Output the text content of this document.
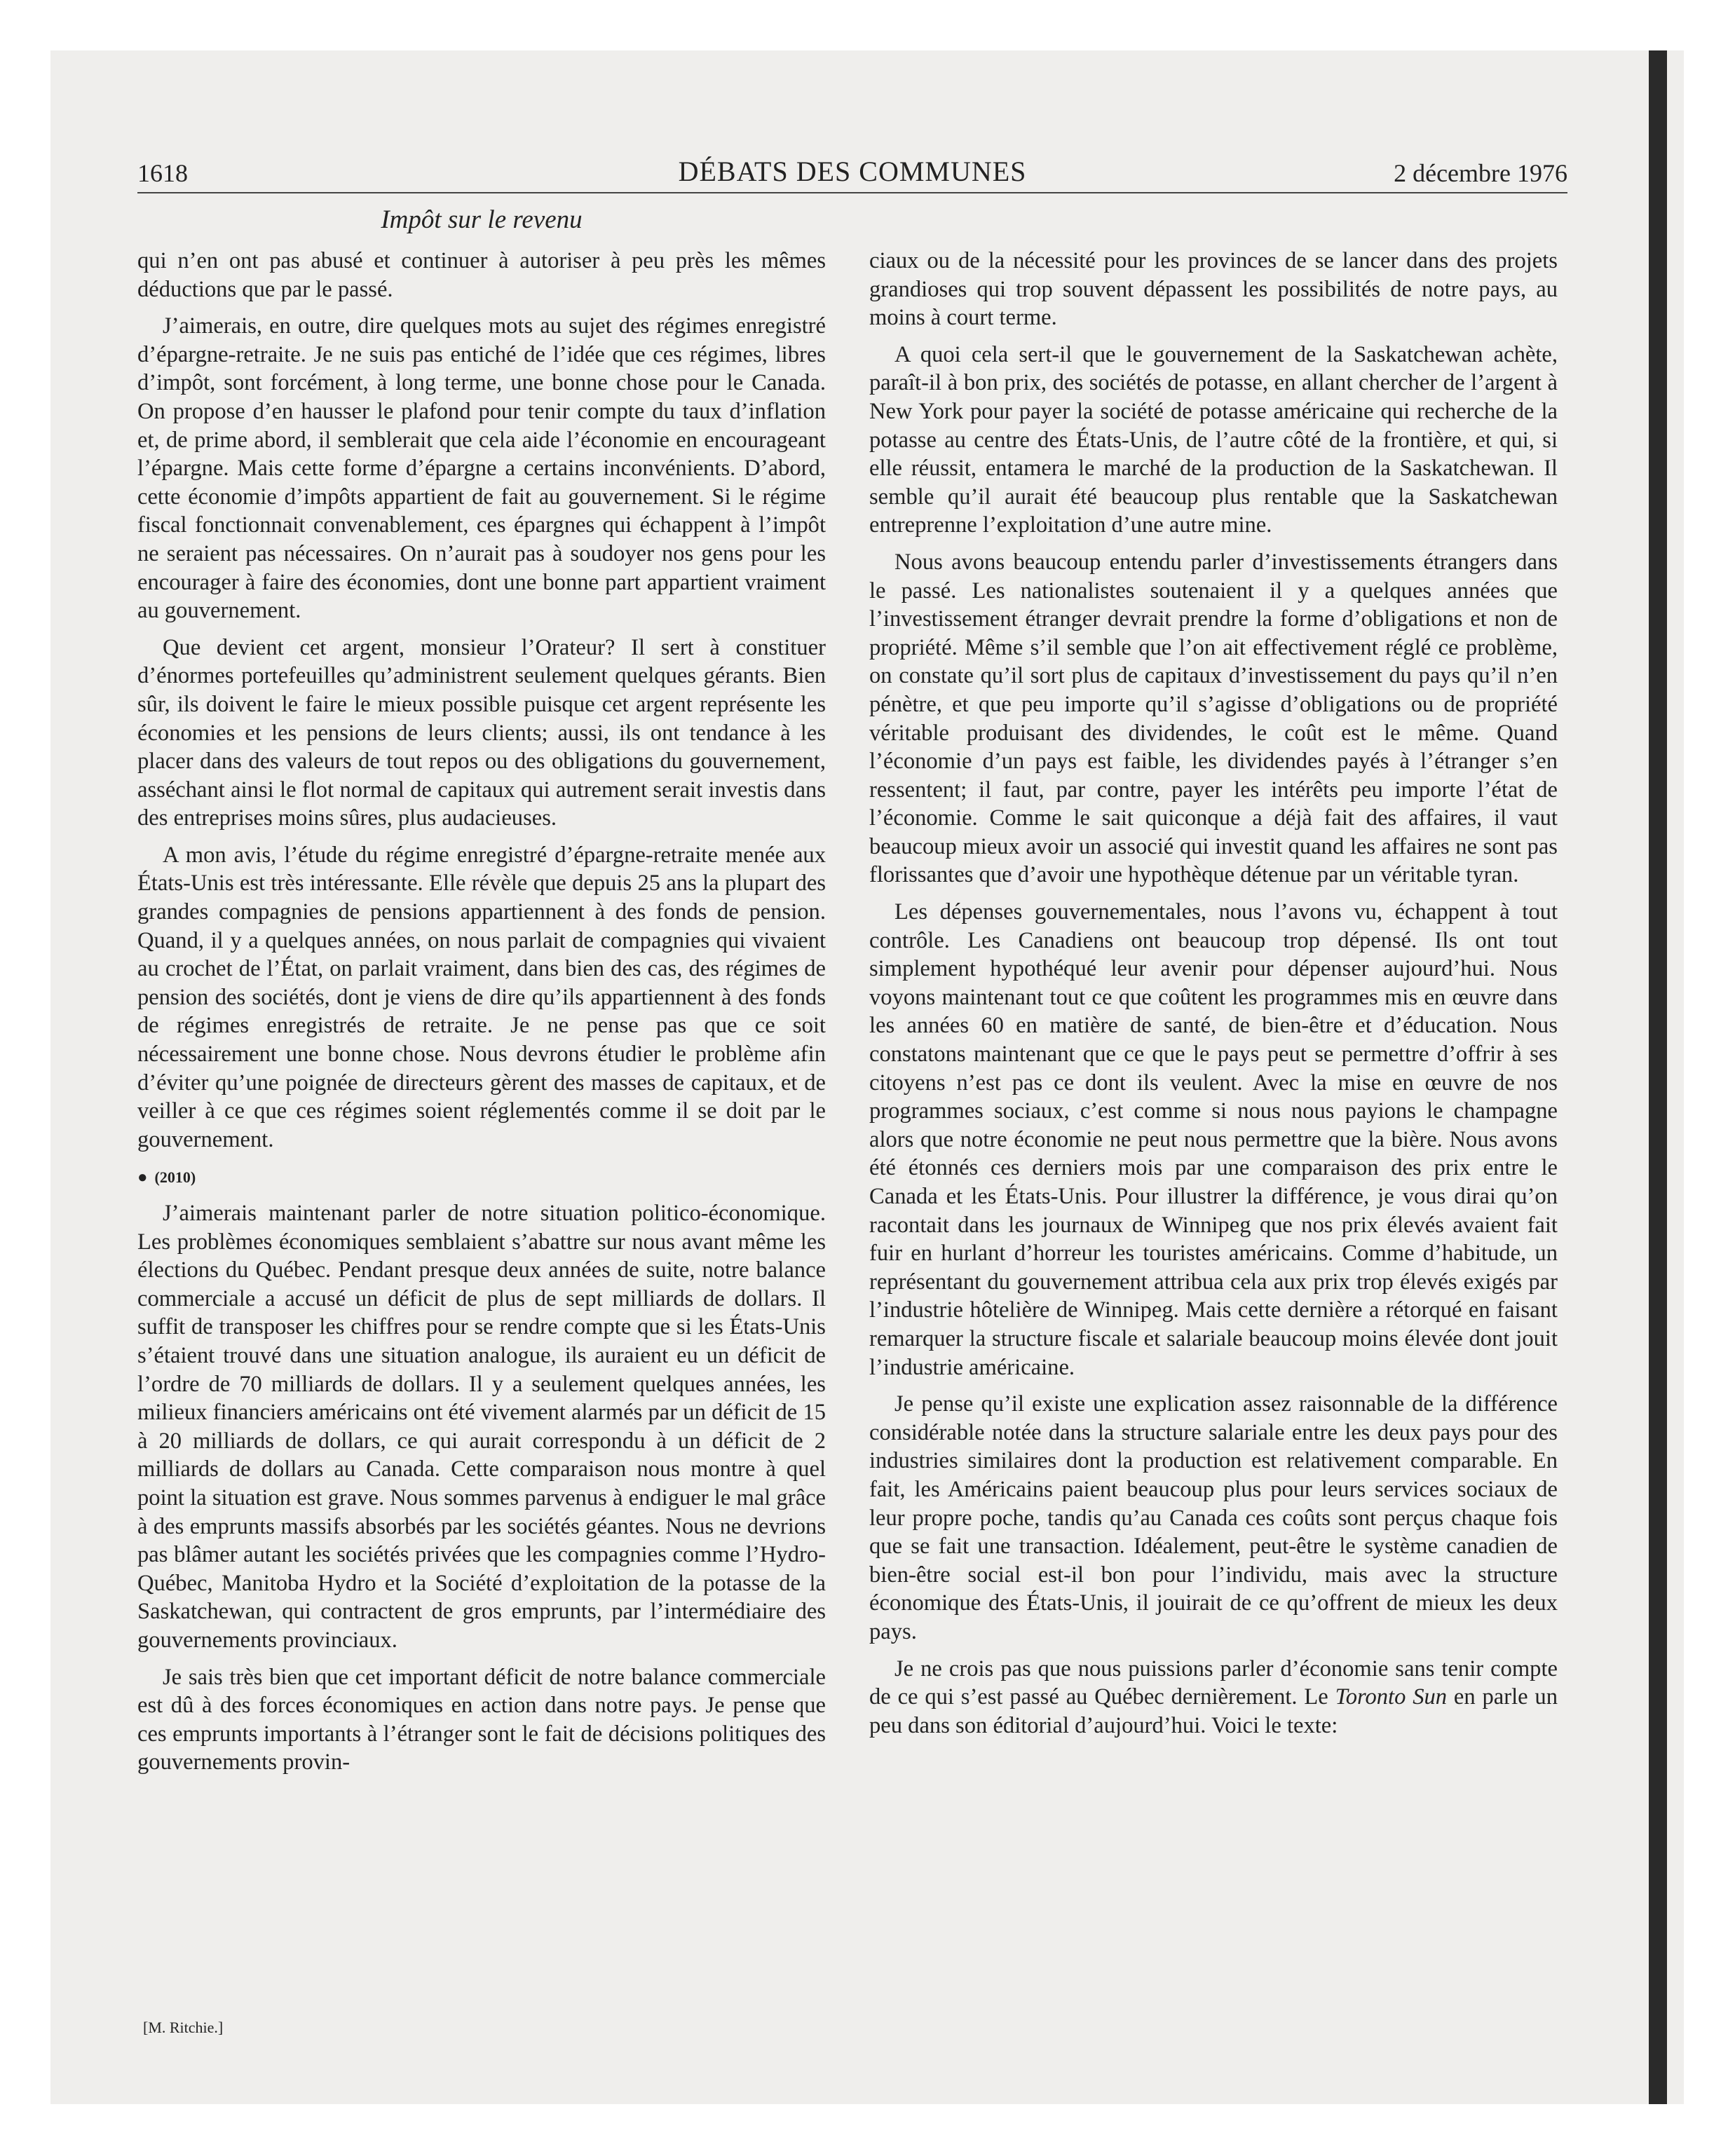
1618	DÉBATS DES COMMUNES	2 décembre 1976
Impôt sur le revenu

qui n’en ont pas abusé et continuer à autoriser à peu près les mêmes déductions que par le passé.

J’aimerais, en outre, dire quelques mots au sujet des régimes enregistré d’épargne-retraite. Je ne suis pas entiché de l’idée que ces régimes, libres d’impôt, sont forcément, à long terme, une bonne chose pour le Canada. On propose d’en hausser le plafond pour tenir compte du taux d’inflation et, de prime abord, il semblerait que cela aide l’économie en encourageant l’épargne. Mais cette forme d’épargne a certains inconvénients. D’abord, cette économie d’impôts appartient de fait au gouvernement. Si le régime fiscal fonctionnait convenablement, ces épargnes qui échappent à l’impôt ne seraient pas nécessaires. On n’aurait pas à soudoyer nos gens pour les encourager à faire des économies, dont une bonne part appartient vraiment au gouvernement.

Que devient cet argent, monsieur l’Orateur? Il sert à constituer d’énormes portefeuilles qu’administrent seulement quelques gérants. Bien sûr, ils doivent le faire le mieux possible puisque cet argent représente les économies et les pensions de leurs clients; aussi, ils ont tendance à les placer dans des valeurs de tout repos ou des obligations du gouvernement, asséchant ainsi le flot normal de capitaux qui autrement serait investis dans des entreprises moins sûres, plus audacieuses.

A mon avis, l’étude du régime enregistré d’épargne-retraite menée aux États-Unis est très intéressante. Elle révèle que depuis 25 ans la plupart des grandes compagnies de pensions appartiennent à des fonds de pension. Quand, il y a quelques années, on nous parlait de compagnies qui vivaient au crochet de l’État, on parlait vraiment, dans bien des cas, des régimes de pension des sociétés, dont je viens de dire qu’ils appartiennent à des fonds de régimes enregistrés de retraite. Je ne pense pas que ce soit nécessairement une bonne chose. Nous devrons étudier le problème afin d’éviter qu’une poignée de directeurs gèrent des masses de capitaux, et de veiller à ce que ces régimes soient réglementés comme il se doit par le gouvernement.

● (2010)

J’aimerais maintenant parler de notre situation politico-économique. Les problèmes économiques semblaient s’abattre sur nous avant même les élections du Québec. Pendant presque deux années de suite, notre balance commerciale a accusé un déficit de plus de sept milliards de dollars. Il suffit de transposer les chiffres pour se rendre compte que si les États-Unis s’étaient trouvé dans une situation analogue, ils auraient eu un déficit de l’ordre de 70 milliards de dollars. Il y a seulement quelques années, les milieux financiers américains ont été vivement alarmés par un déficit de 15 à 20 milliards de dollars, ce qui aurait correspondu à un déficit de 2 milliards de dollars au Canada. Cette comparaison nous montre à quel point la situation est grave. Nous sommes parvenus à endiguer le mal grâce à des emprunts massifs absorbés par les sociétés géantes. Nous ne devrions pas blâmer autant les sociétés privées que les compagnies comme l’Hydro-Québec, Manitoba Hydro et la Société d’exploitation de la potasse de la Saskatchewan, qui contractent de gros emprunts, par l’intermédiaire des gouvernements provinciaux.

Je sais très bien que cet important déficit de notre balance commerciale est dû à des forces économiques en action dans notre pays. Je pense que ces emprunts importants à l’étranger sont le fait de décisions politiques des gouvernements provin-

[M. Ritchie.]

ciaux ou de la nécessité pour les provinces de se lancer dans des projets grandioses qui trop souvent dépassent les possibilités de notre pays, au moins à court terme.

A quoi cela sert-il que le gouvernement de la Saskatchewan achète, paraît-il à bon prix, des sociétés de potasse, en allant chercher de l’argent à New York pour payer la société de potasse américaine qui recherche de la potasse au centre des États-Unis, de l’autre côté de la frontière, et qui, si elle réussit, entamera le marché de la production de la Saskatchewan. Il semble qu’il aurait été beaucoup plus rentable que la Saskatchewan entreprenne l’exploitation d’une autre mine.

Nous avons beaucoup entendu parler d’investissements étrangers dans le passé. Les nationalistes soutenaient il y a quelques années que l’investissement étranger devrait prendre la forme d’obligations et non de propriété. Même s’il semble que l’on ait effectivement réglé ce problème, on constate qu’il sort plus de capitaux d’investissement du pays qu’il n’en pénètre, et que peu importe qu’il s’agisse d’obligations ou de propriété véritable produisant des dividendes, le coût est le même. Quand l’économie d’un pays est faible, les dividendes payés à l’étranger s’en ressentent; il faut, par contre, payer les intérêts peu importe l’état de l’économie. Comme le sait quiconque a déjà fait des affaires, il vaut beaucoup mieux avoir un associé qui investit quand les affaires ne sont pas florissantes que d’avoir une hypothèque détenue par un véritable tyran.

Les dépenses gouvernementales, nous l’avons vu, échappent à tout contrôle. Les Canadiens ont beaucoup trop dépensé. Ils ont tout simplement hypothéqué leur avenir pour dépenser aujourd’hui. Nous voyons maintenant tout ce que coûtent les programmes mis en œuvre dans les années 60 en matière de santé, de bien-être et d’éducation. Nous constatons maintenant que ce que le pays peut se permettre d’offrir à ses citoyens n’est pas ce dont ils veulent. Avec la mise en œuvre de nos programmes sociaux, c’est comme si nous nous payions le champagne alors que notre économie ne peut nous permettre que la bière. Nous avons été étonnés ces derniers mois par une comparaison des prix entre le Canada et les États-Unis. Pour illustrer la différence, je vous dirai qu’on racontait dans les journaux de Winnipeg que nos prix élevés avaient fait fuir en hurlant d’horreur les touristes américains. Comme d’habitude, un représentant du gouvernement attribua cela aux prix trop élevés exigés par l’industrie hôtelière de Winnipeg. Mais cette dernière a rétorqué en faisant remarquer la structure fiscale et salariale beaucoup moins élevée dont jouit l’industrie américaine.

Je pense qu’il existe une explication assez raisonnable de la différence considérable notée dans la structure salariale entre les deux pays pour des industries similaires dont la production est relativement comparable. En fait, les Américains paient beaucoup plus pour leurs services sociaux de leur propre poche, tandis qu’au Canada ces coûts sont perçus chaque fois que se fait une transaction. Idéalement, peut-être le système canadien de bien-être social est-il bon pour l’individu, mais avec la structure économique des États-Unis, il jouirait de ce qu’offrent de mieux les deux pays.

Je ne crois pas que nous puissions parler d’économie sans tenir compte de ce qui s’est passé au Québec dernièrement. Le Toronto Sun en parle un peu dans son éditorial d’aujourd’hui. Voici le texte:
